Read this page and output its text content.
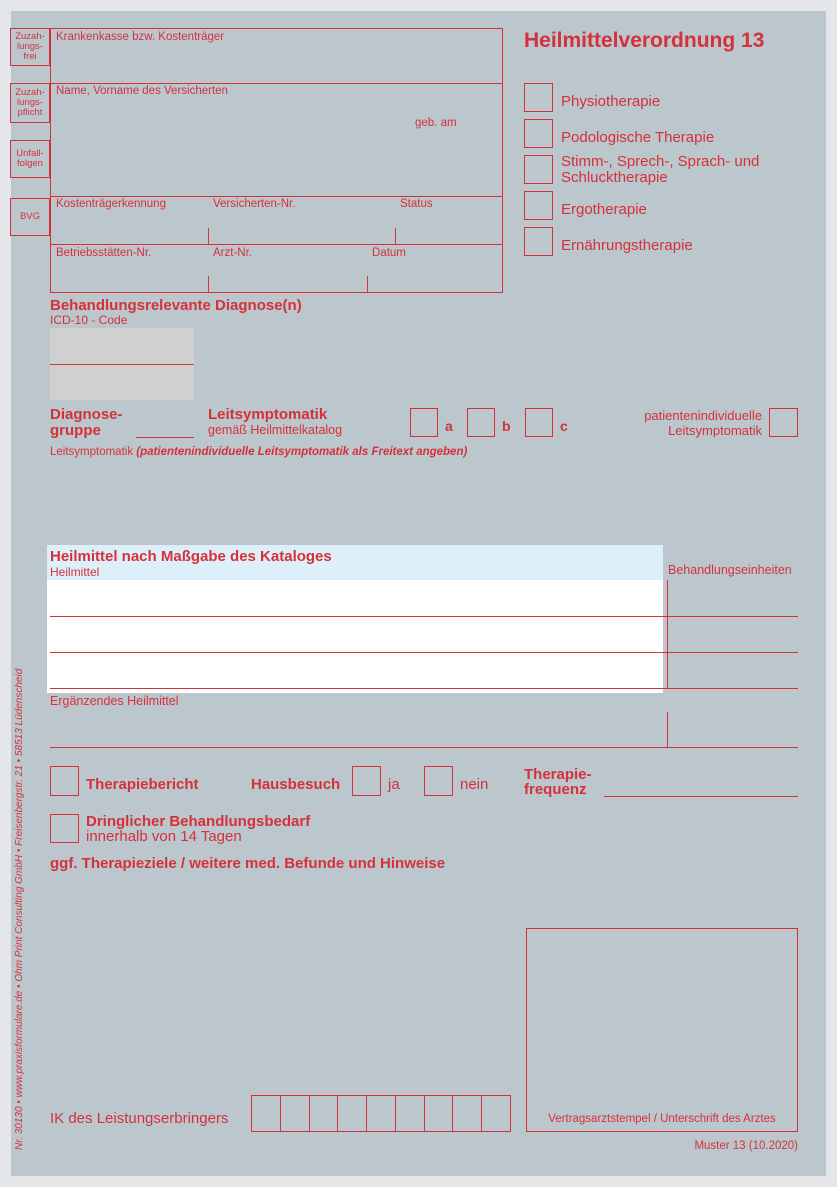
Zuzah-
lungs-
frei
Zuzah-
lungs-
pflicht
Unfall-
folgen
BVG
Krankenkasse bzw. Kostenträger
Name, Vorname des Versicherten
geb. am
Kostenträgerkennung	Versicherten-Nr.	Status
Betriebsstätten-Nr.	Arzt-Nr.	Datum
Heilmittelverordnung 13
Physiotherapie
Podologische Therapie
Stimm-, Sprech-, Sprach- und
Schlucktherapie
Ergotherapie
Ernährungstherapie
Behandlungsrelevante Diagnose(n)
ICD-10 - Code
Diagnose-
gruppe
Leitsymptomatik
gemäß Heilmittelkatalog	a	b	c
patientenindividuelle
Leitsymptomatik
Leitsymptomatik (patientenindividuelle Leitsymptomatik als Freitext angeben)
Heilmittel nach Maßgabe des Kataloges
Heilmittel	Behandlungseinheiten
Ergänzendes Heilmittel
Therapiebericht	Hausbesuch	ja	nein
Therapie-
frequenz
Dringlicher Behandlungsbedarf
innerhalb von 14 Tagen
ggf. Therapieziele / weitere med. Befunde und Hinweise
IK des Leistungserbringers	Vertragsarztstempel / Unterschrift des Arztes
Muster 13 (10.2020)
Nr. 30130 • www.praxisformulare.de • Ohm Print Consulting GmbH • Freisenbergstr. 21 • 58513 Lüdenscheid
